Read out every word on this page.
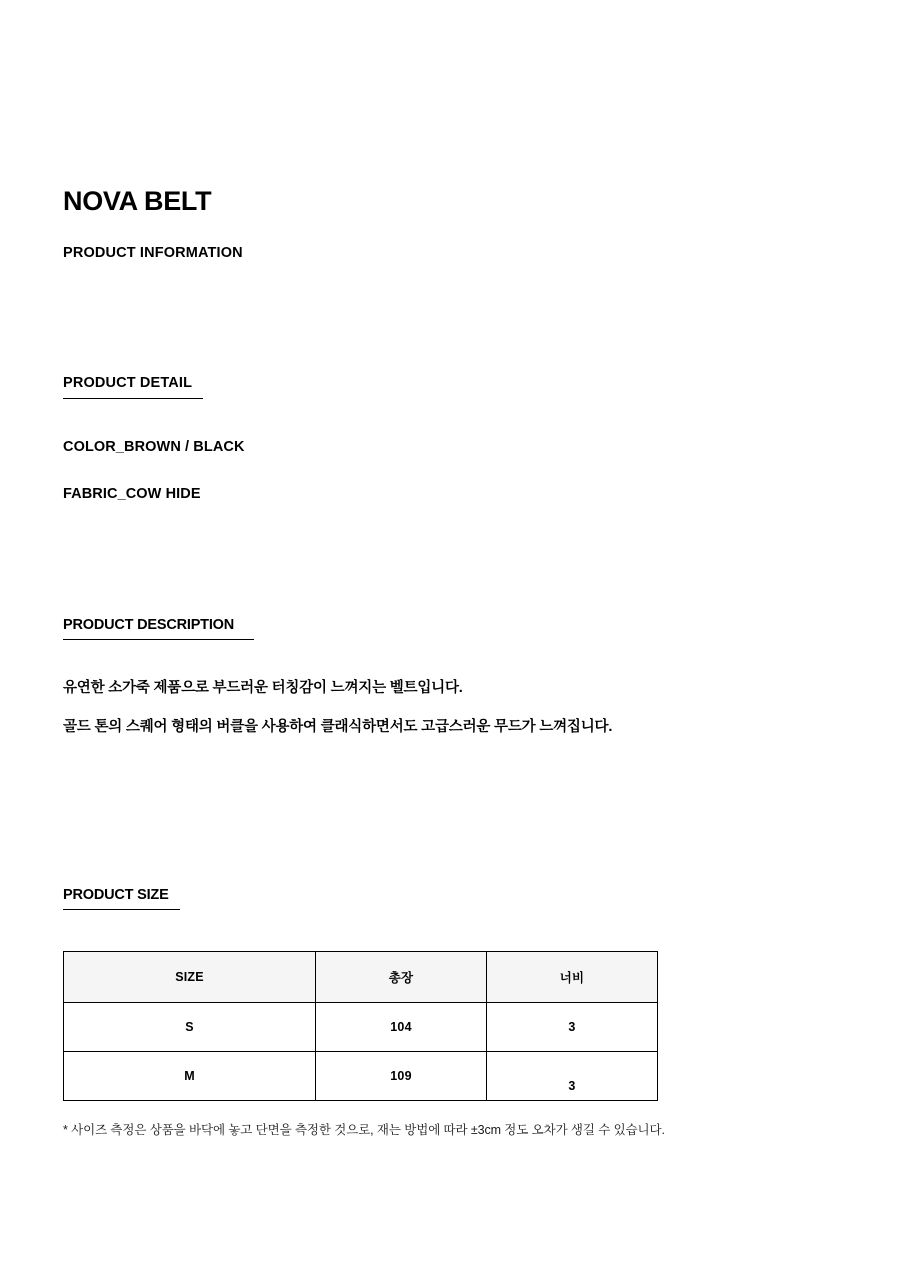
NOVA BELT
PRODUCT INFORMATION
PRODUCT DETAIL
COLOR_BROWN / BLACK
FABRIC_COW HIDE
PRODUCT DESCRIPTION
유연한 소가죽 제품으로 부드러운 터칭감이 느껴지는 벨트입니다.
골드 톤의 스퀘어 형태의 버클을 사용하여 클래식하면서도 고급스러운 무드가 느껴집니다.
PRODUCT SIZE
SIZE	총장	너비
S	104	3
M	109	3
* 사이즈 측정은 상품을 바닥에 놓고 단면을 측정한 것으로, 재는 방법에 따라 ±3cm 정도 오차가 생길 수 있습니다.
